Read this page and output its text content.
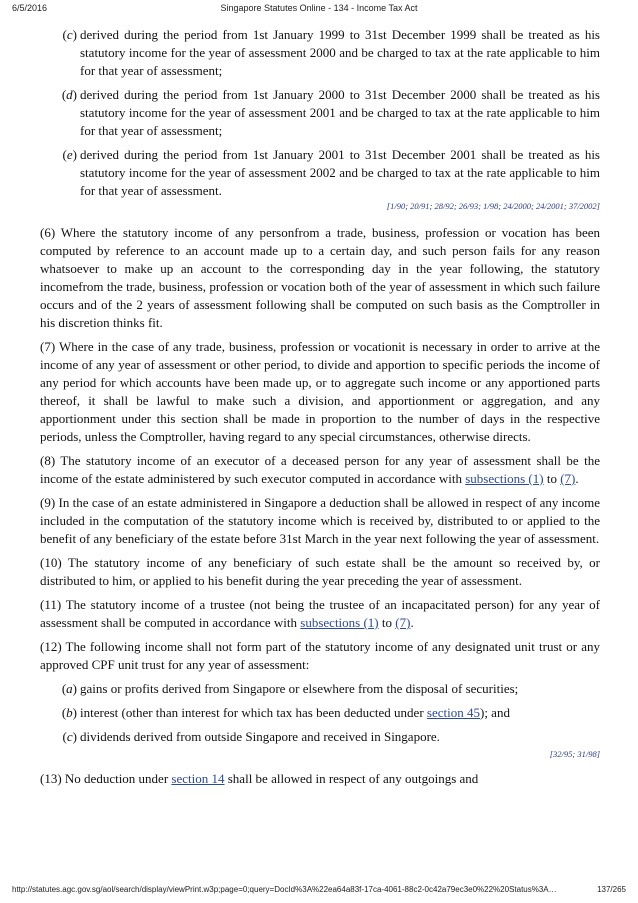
6/5/2016	Singapore Statutes Online - 134 - Income Tax Act
(c) derived during the period from 1st January 1999 to 31st December 1999 shall be treated as his statutory income for the year of assessment 2000 and be charged to tax at the rate applicable to him for that year of assessment;
(d) derived during the period from 1st January 2000 to 31st December 2000 shall be treated as his statutory income for the year of assessment 2001 and be charged to tax at the rate applicable to him for that year of assessment;
(e) derived during the period from 1st January 2001 to 31st December 2001 shall be treated as his statutory income for the year of assessment 2002 and be charged to tax at the rate applicable to him for that year of assessment.
[1/90; 20/91; 28/92; 26/93; 1/98; 24/2000; 24/2001; 37/2002]

(6) Where the statutory income of any personfrom a trade, business, profession or vocation has been computed by reference to an account made up to a certain day, and such person fails for any reason whatsoever to make up an account to the corresponding day in the year following, the statutory incomefrom the trade, business, profession or vocation both of the year of assessment in which such failure occurs and of the 2 years of assessment following shall be computed on such basis as the Comptroller in his discretion thinks fit.

(7) Where in the case of any trade, business, profession or vocationit is necessary in order to arrive at the income of any year of assessment or other period, to divide and apportion to specific periods the income of any period for which accounts have been made up, or to aggregate such income or any apportioned parts thereof, it shall be lawful to make such a division, and apportionment or aggregation, and any apportionment under this section shall be made in proportion to the number of days in the respective periods, unless the Comptroller, having regard to any special circumstances, otherwise directs.

(8) The statutory income of an executor of a deceased person for any year of assessment shall be the income of the estate administered by such executor computed in accordance with subsections (1) to (7).

(9) In the case of an estate administered in Singapore a deduction shall be allowed in respect of any income included in the computation of the statutory income which is received by, distributed to or applied to the benefit of any beneficiary of the estate before 31st March in the year next following the year of assessment.

(10) The statutory income of any beneficiary of such estate shall be the amount so received by, or distributed to him, or applied to his benefit during the year preceding the year of assessment.

(11) The statutory income of a trustee (not being the trustee of an incapacitated person) for any year of assessment shall be computed in accordance with subsections (1) to (7).

(12) The following income shall not form part of the statutory income of any designated unit trust or any approved CPF unit trust for any year of assessment:

(a) gains or profits derived from Singapore or elsewhere from the disposal of securities;
(b) interest (other than interest for which tax has been deducted under section 45); and
(c) dividends derived from outside Singapore and received in Singapore.
[32/95; 31/98]

(13) No deduction under section 14 shall be allowed in respect of any outgoings and

http://statutes.agc.gov.sg/aol/search/display/viewPrint.w3p;page=0;query=DocId%3A%22ea64a83f-17ca-4061-88c2-0c42a79ec3e0%22%20Status%3A…	137/265
